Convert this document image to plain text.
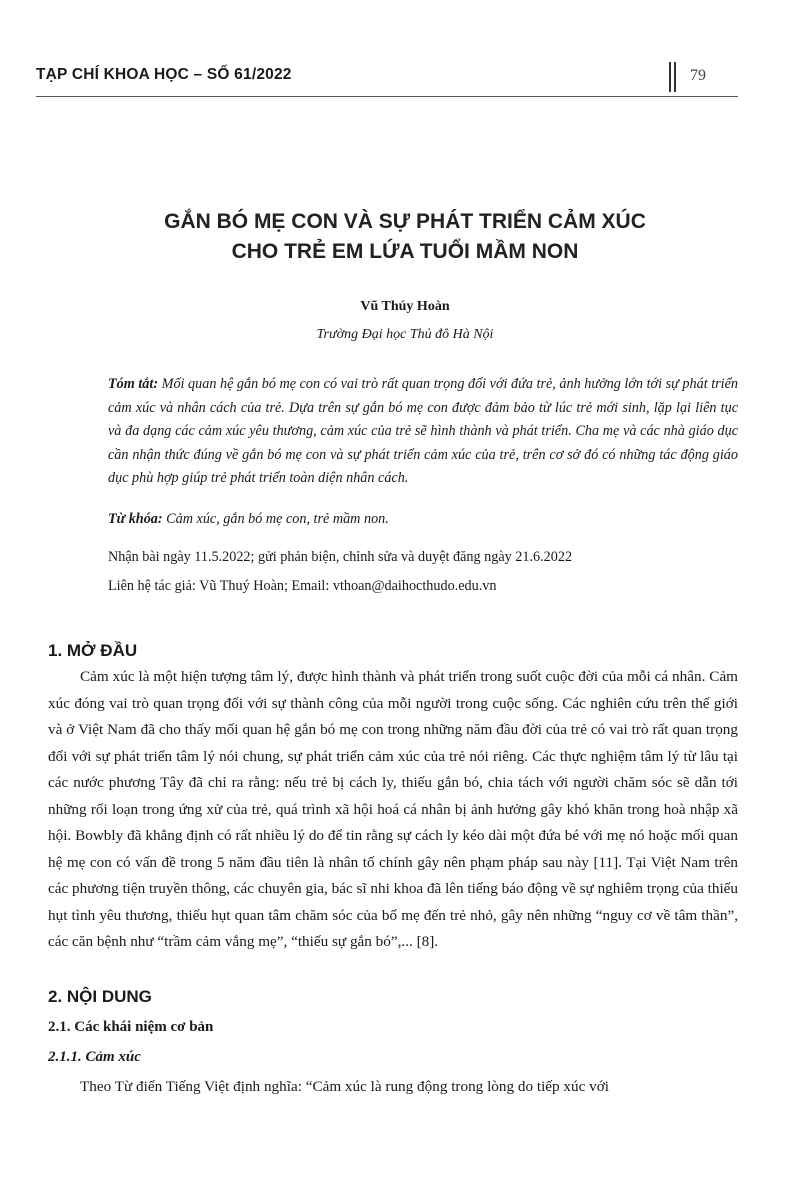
TẠP CHÍ KHOA HỌC – SỐ 61/2022	79
GẮN BÓ MẸ CON VÀ SỰ PHÁT TRIỂN CẢM XÚC
CHO TRẺ EM LỨA TUỔI MẦM NON
Vũ Thúy Hoàn
Trường Đại học Thủ đô Hà Nội
Tóm tắt: Mối quan hệ gắn bó mẹ con có vai trò rất quan trọng đối với đứa trẻ, ảnh hưởng lớn tới sự phát triển cảm xúc và nhân cách của trẻ. Dựa trên sự gắn bó mẹ con được đảm bảo từ lúc trẻ mới sinh, lặp lại liên tục và đa dạng các cảm xúc yêu thương, cảm xúc của trẻ sẽ hình thành và phát triển. Cha mẹ và các nhà giáo dục cần nhận thức đúng về gắn bó mẹ con và sự phát triển cảm xúc của trẻ, trên cơ sở đó có những tác động giáo dục phù hợp giúp trẻ phát triển toàn diện nhân cách.
Từ khóa: Cảm xúc, gắn bó mẹ con, trẻ mầm non.
Nhận bài ngày 11.5.2022; gửi phản biện, chỉnh sửa và duyệt đăng ngày 21.6.2022
Liên hệ tác giả: Vũ Thuý Hoàn; Email: vthoan@daihocthudo.edu.vn
1. MỞ ĐẦU
Cảm xúc là một hiện tượng tâm lý, được hình thành và phát triển trong suốt cuộc đời của mỗi cá nhân. Cảm xúc đóng vai trò quan trọng đối với sự thành công của mỗi người trong cuộc sống. Các nghiên cứu trên thế giới và ở Việt Nam đã cho thấy mối quan hệ gắn bó mẹ con trong những năm đầu đời của trẻ có vai trò rất quan trọng đối với sự phát triển tâm lý nói chung, sự phát triển cảm xúc của trẻ nói riêng. Các thực nghiệm tâm lý từ lâu tại các nước phương Tây đã chỉ ra rằng: nếu trẻ bị cách ly, thiếu gắn bó, chia tách với người chăm sóc sẽ dẫn tới những rối loạn trong ứng xử của trẻ, quá trình xã hội hoá cá nhân bị ảnh hưởng gây khó khăn trong hoà nhập xã hội. Bowbly đã khẳng định có rất nhiều lý do để tin rằng sự cách ly kéo dài một đứa bé với mẹ nó hoặc mối quan hệ mẹ con có vấn đề trong 5 năm đầu tiên là nhân tố chính gây nên phạm pháp sau này [11]. Tại Việt Nam trên các phương tiện truyền thông, các chuyên gia, bác sĩ nhi khoa đã lên tiếng báo động về sự nghiêm trọng của thiếu hụt tình yêu thương, thiếu hụt quan tâm chăm sóc của bố mẹ đến trẻ nhỏ, gây nên những “nguy cơ về tâm thần”, các căn bệnh như “trầm cảm vắng mẹ”, “thiếu sự gắn bó”,... [8].
2. NỘI DUNG
2.1. Các khái niệm cơ bản
2.1.1. Cảm xúc
Theo Từ điển Tiếng Việt định nghĩa: “Cảm xúc là rung động trong lòng do tiếp xúc với
